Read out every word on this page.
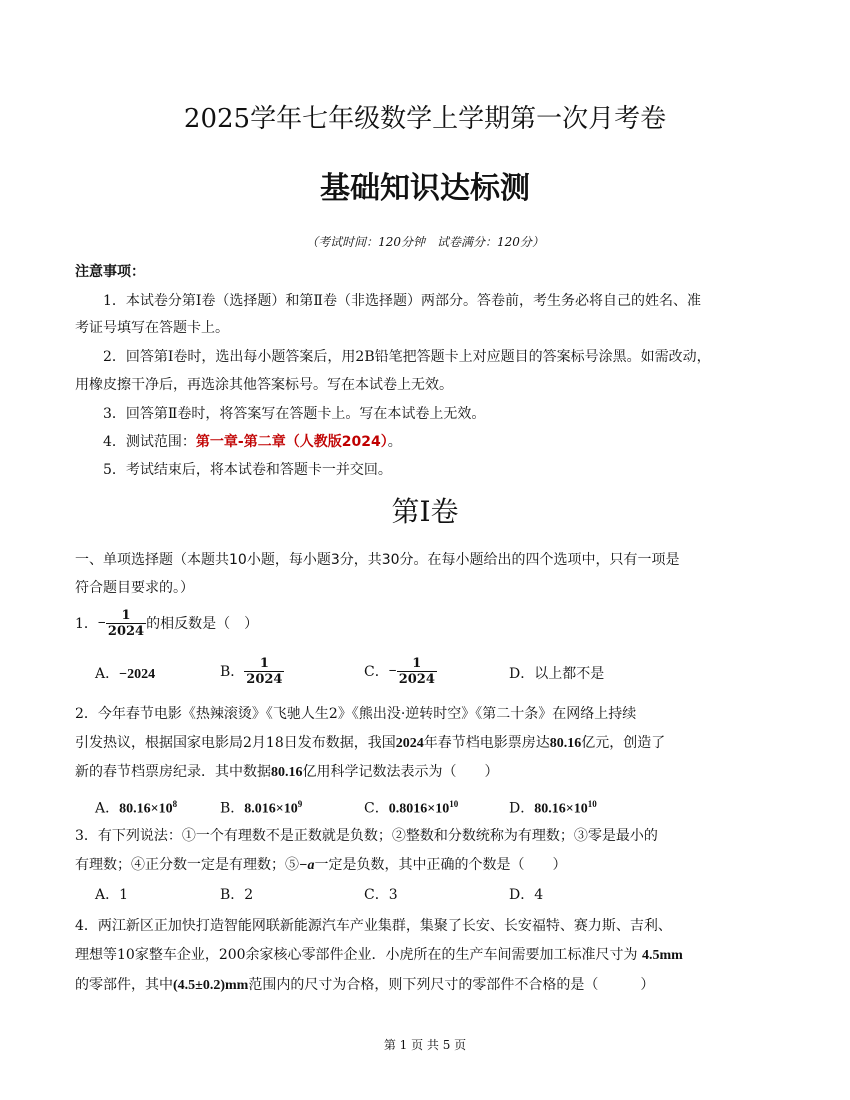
2025学年七年级数学上学期第一次月考卷
基础知识达标测
（考试时间：120分钟　试卷满分：120分）
注意事项：
1．本试卷分第Ⅰ卷（选择题）和第Ⅱ卷（非选择题）两部分。答卷前，考生务必将自己的姓名、准
考证号填写在答题卡上。
2．回答第Ⅰ卷时，选出每小题答案后，用2B铅笔把答题卡上对应题目的答案标号涂黑。如需改动，
用橡皮擦干净后，再选涂其他答案标号。写在本试卷上无效。
3．回答第Ⅱ卷时，将答案写在答题卡上。写在本试卷上无效。
4．测试范围：第一章-第二章（人教版2024）。
5．考试结束后，将本试卷和答题卡一并交回。
第Ⅰ卷
一、单项选择题（本题共10小题，每小题3分，共30分。在每小题给出的四个选项中，只有一项是
符合题目要求的。）
1． − $\frac{1}{2024}$ 的相反数是（　）
A．−2024	B． $\frac{1}{2024}$	C． − $\frac{1}{2024}$	D．以上都不是
2．今年春节电影《热辣滚烫》《飞驰人生2》《熊出没·逆转时空》《第二十条》在网络上持续
引发热议，根据国家电影局2月18日发布数据，我国2024年春节档电影票房达80.16亿元，创造了
新的春节档票房纪录．其中数据80.16亿用科学记数法表示为（　　）
A．$80.16\times 10^8$	B．$8.016\times 10^9$	C．$0.8016\times 10^{10}$	D．$80.16\times 10^{10}$
3．有下列说法：①一个有理数不是正数就是负数；②整数和分数统称为有理数；③零是最小的
有理数；④正分数一定是有理数；⑤−a一定是负数，其中正确的个数是（　　）
A．1	B．2	C．3	D．4
4．两江新区正加快打造智能网联新能源汽车产业集群，集聚了长安、长安福特、赛力斯、吉利、
理想等10家整车企业，200余家核心零部件企业．小虎所在的生产车间需要加工标准尺寸为 4.5mm
的零部件，其中(4.5±0.2)mm范围内的尺寸为合格，则下列尺寸的零部件不合格的是（　　　）
第 1 页 共 5 页
